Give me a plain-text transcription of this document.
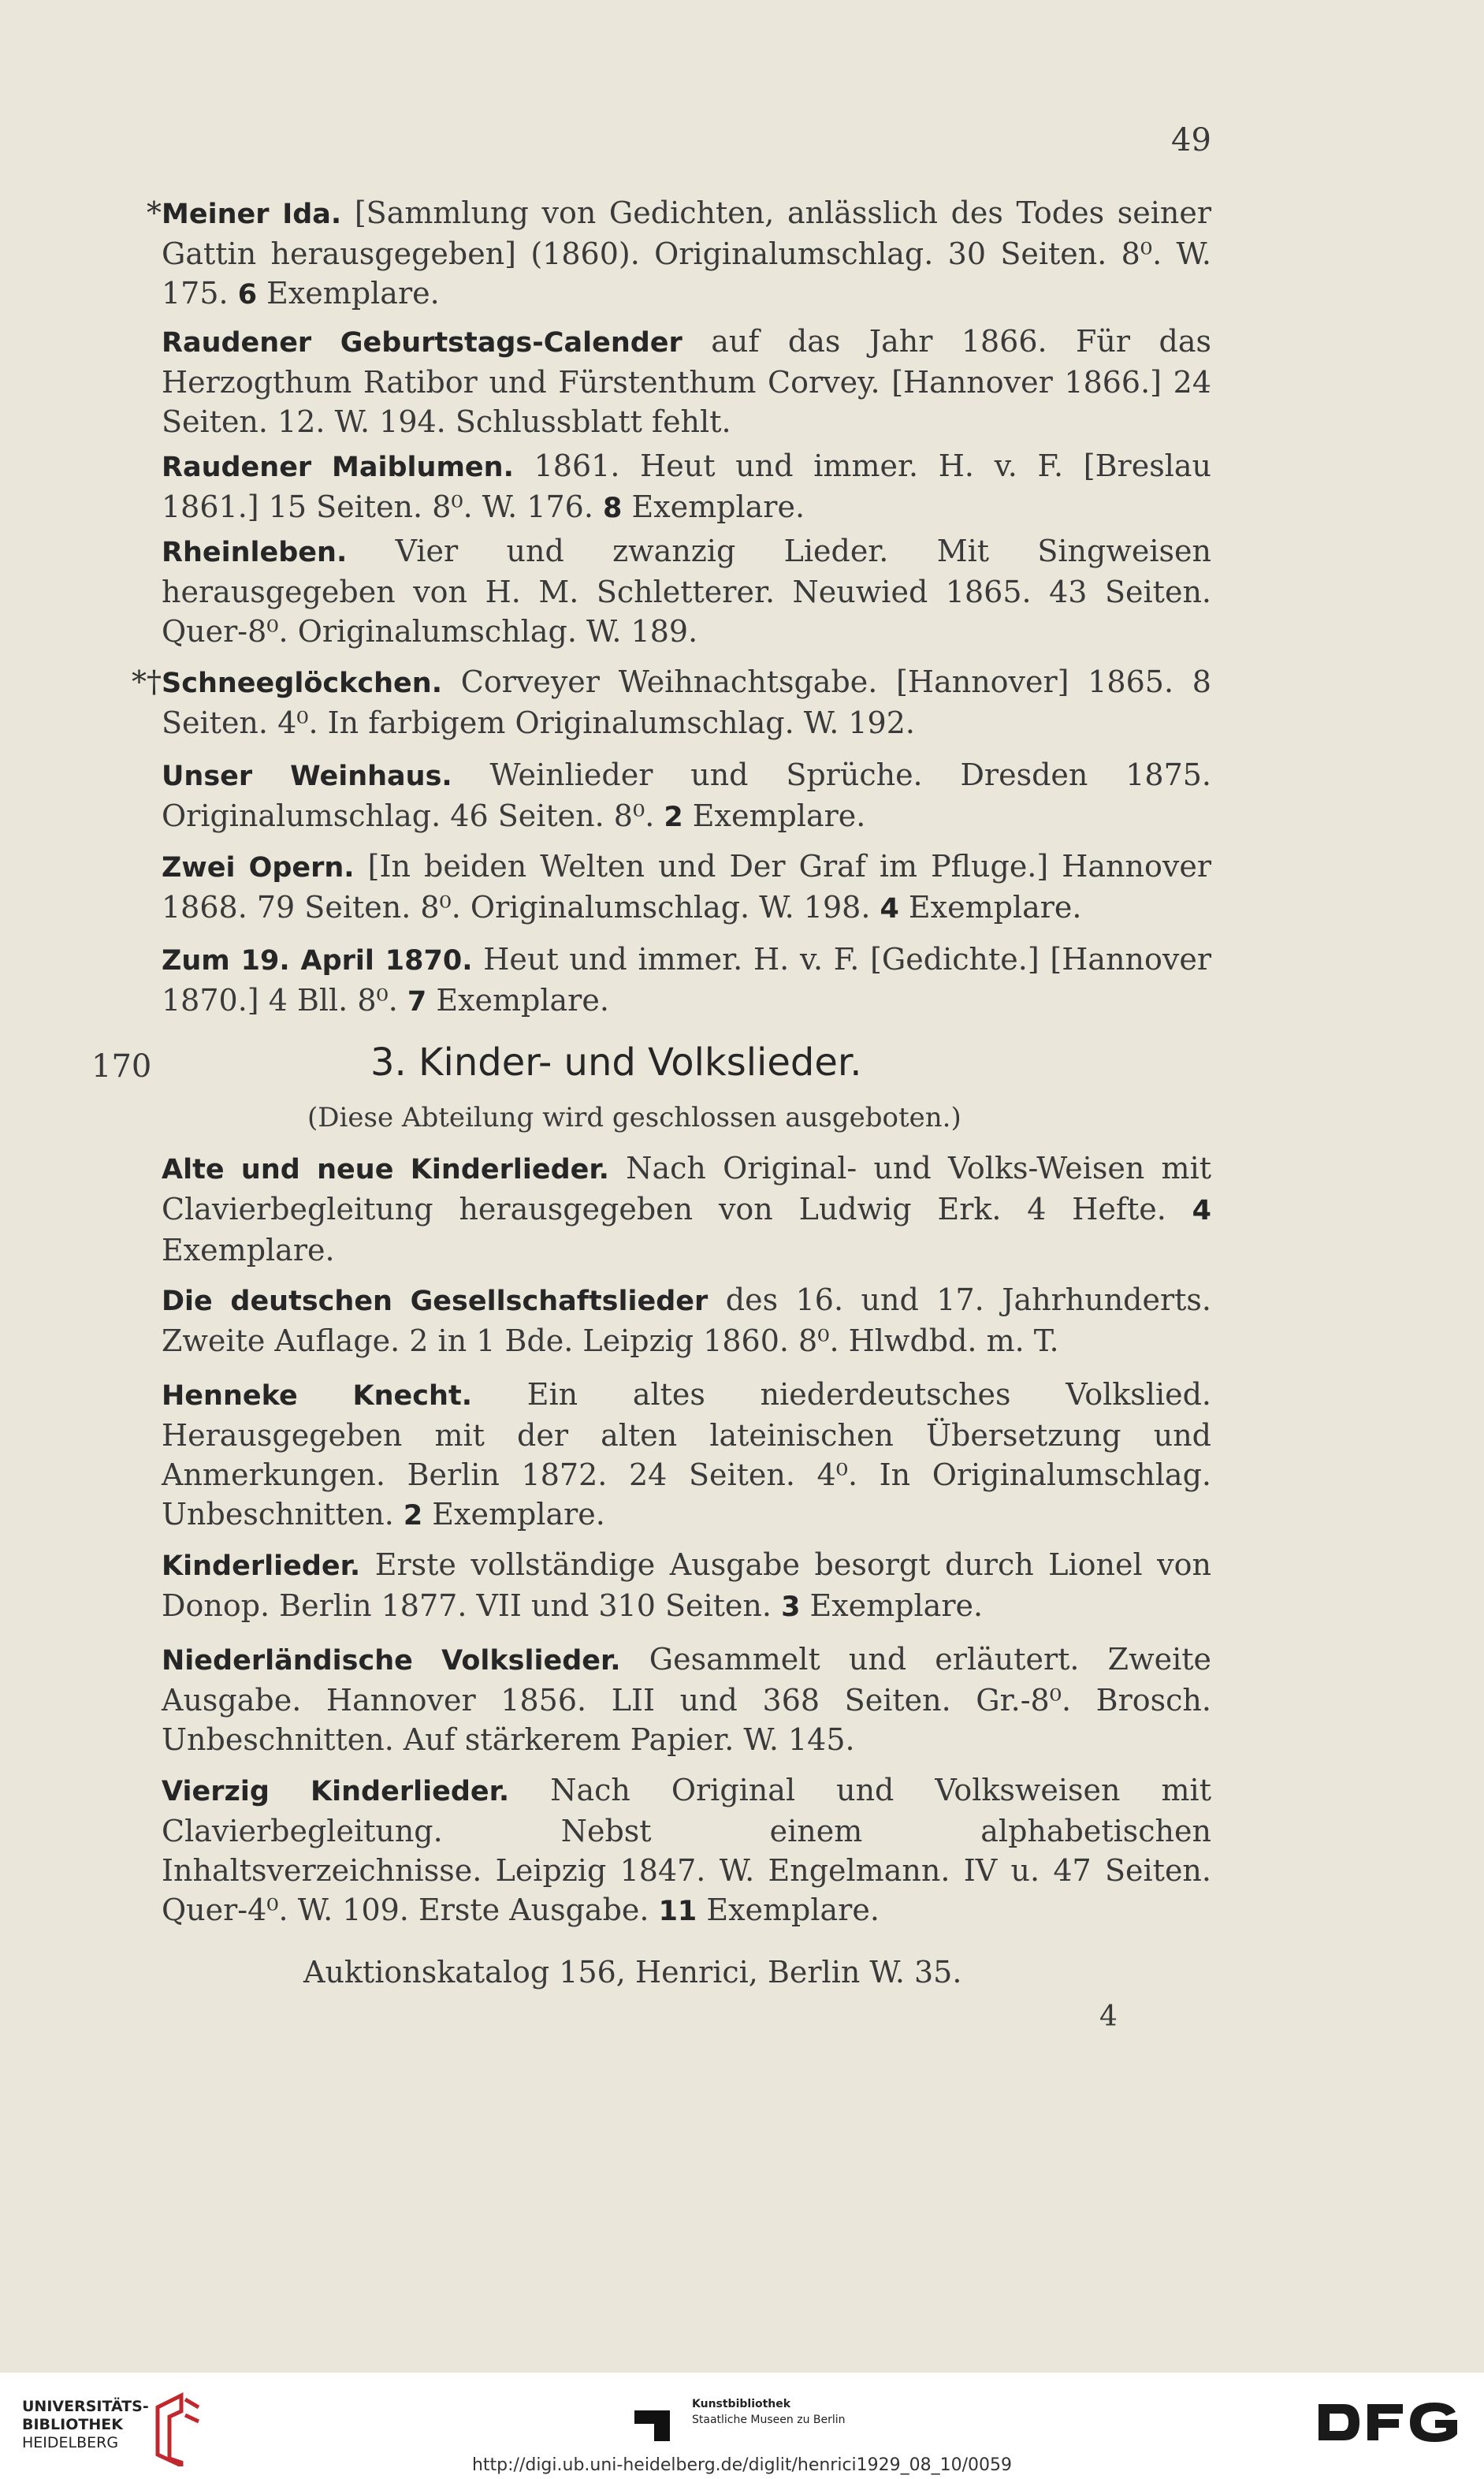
49
* Meiner Ida. [Sammlung von Gedichten, anlässlich des Todes seiner Gattin herausgegeben] (1860). Originalumschlag. 30 Seiten. 8⁰. W. 175. 6 Exemplare.
Raudener Geburtstags-Calender auf das Jahr 1866. Für das Herzogthum Ratibor und Fürstenthum Corvey. [Hannover 1866.] 24 Seiten. 12. W. 194. Schlussblatt fehlt.
Raudener Maiblumen. 1861. Heut und immer. H. v. F. [Breslau 1861.] 15 Seiten. 8⁰. W. 176. 8 Exemplare.
Rheinleben. Vier und zwanzig Lieder. Mit Singweisen herausgegeben von H. M. Schletterer. Neuwied 1865. 43 Seiten. Quer-8⁰. Originalumschlag. W. 189.
*† Schneeglöckchen. Corveyer Weihnachtsgabe. [Hannover] 1865. 8 Seiten. 4⁰. In farbigem Originalumschlag. W. 192.
Unser Weinhaus. Weinlieder und Sprüche. Dresden 1875. Originalumschlag. 46 Seiten. 8⁰. 2 Exemplare.
Zwei Opern. [In beiden Welten und Der Graf im Pfluge.] Hannover 1868. 79 Seiten. 8⁰. Originalumschlag. W. 198. 4 Exemplare.
Zum 19. April 1870. Heut und immer. H. v. F. [Gedichte.] [Hannover 1870.] 4 Bll. 8⁰. 7 Exemplare.
170	3. Kinder- und Volkslieder.
(Diese Abteilung wird geschlossen ausgeboten.)
Alte und neue Kinderlieder. Nach Original- und Volks-Weisen mit Clavierbegleitung herausgegeben von Ludwig Erk. 4 Hefte. 4 Exemplare.
Die deutschen Gesellschaftslieder des 16. und 17. Jahrhunderts. Zweite Auflage. 2 in 1 Bde. Leipzig 1860. 8⁰. Hlwdbd. m. T.
Henneke Knecht. Ein altes niederdeutsches Volkslied. Herausgegeben mit der alten lateinischen Übersetzung und Anmerkungen. Berlin 1872. 24 Seiten. 4⁰. In Originalumschlag. Unbeschnitten. 2 Exemplare.
Kinderlieder. Erste vollständige Ausgabe besorgt durch Lionel von Donop. Berlin 1877. VII und 310 Seiten. 3 Exemplare.
Niederländische Volkslieder. Gesammelt und erläutert. Zweite Ausgabe. Hannover 1856. LII und 368 Seiten. Gr.-8⁰. Brosch. Unbeschnitten. Auf stärkerem Papier. W. 145.
Vierzig Kinderlieder. Nach Original und Volksweisen mit Clavierbegleitung. Nebst einem alphabetischen Inhaltsverzeichnisse. Leipzig 1847. W. Engelmann. IV u. 47 Seiten. Quer-4⁰. W. 109. Erste Ausgabe. 11 Exemplare.
Auktionskatalog 156, Henrici, Berlin W. 35.
4
UNIVERSITÄTS-
BIBLIOTHEK
HEIDELBERG
Kunstbibliothek
Staatliche Museen zu Berlin
http://digi.ub.uni-heidelberg.de/diglit/henrici1929_08_10/0059
